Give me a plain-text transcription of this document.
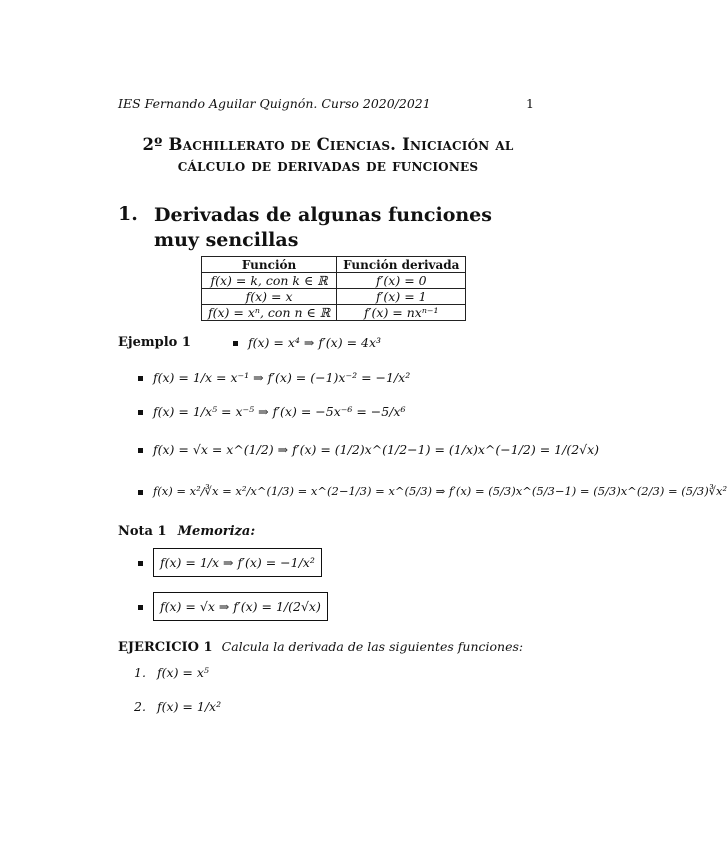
IES Fernando Aguilar Quignón. Curso 2020/2021	1
2º Bachillerato de Ciencias. Iniciación al
cálculo de derivadas de funciones
1. Derivadas de algunas funciones muy sencillas
Función	Función derivada
f(x) = k, con k ∈ ℝ	f′(x) = 0
f(x) = x	f′(x) = 1
f(x) = xⁿ, con n ∈ ℝ	f′(x) = nxⁿ⁻¹
Ejemplo 1	f(x) = x⁴ ⇒ f′(x) = 4x³
f(x) = 1/x = x⁻¹ ⇒ f′(x) = (−1)x⁻² = −1/x²
f(x) = 1/x⁵ = x⁻⁵ ⇒ f′(x) = −5x⁻⁶ = −5/x⁶
f(x) = √x = x^(1/2) ⇒ f′(x) = (1/2)x^(1/2−1) = (1/x)x^(−1/2) = 1/(2√x)
f(x) = x²/∛x = x²/x^(1/3) = x^(2−1/3) = x^(5/3) ⇒ f′(x) = (5/3)x^(5/3−1) = (5/3)x^(2/3) = (5/3)∛x²
Nota 1 Memoriza:
f(x) = 1/x ⇒ f′(x) = −1/x²
f(x) = √x ⇒ f′(x) = 1/(2√x)
EJERCICIO 1 Calcula la derivada de las siguientes funciones:
1. f(x) = x⁵
2. f(x) = 1/x²
